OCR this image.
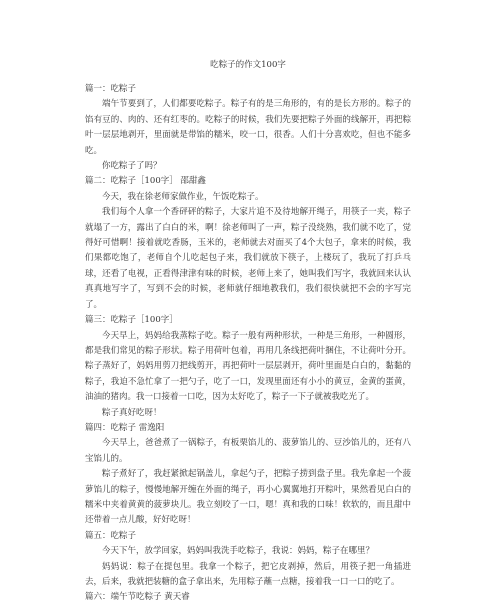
吃粽子的作文100字

篇一：吃粽子

端午节要到了，人们都要吃粽子。粽子有的是三角形的，有的是长方形的。粽子的馅有豆的、肉的、还有红枣的。吃粽子的时候，我们先要把粽子外面的线解开，再把粽叶一层层地剥开，里面就是带馅的糯米，咬一口，很香。人们十分喜欢吃，但也不能多吃。

你吃粽子了吗？

篇二：吃粽子［100字］ 邵甜鑫

今天，我在徐老师家做作业，午饭吃粽子。

我们每个人拿一个香砰砰的粽子，大家片追不及待地解开绳子，用筷子一夹，粽子就塌了一方，露出了白白的米，啊！徐老师叫了一声，粽子没绕熟，我们就不吃了，觉得好可惜啊！接着就吃香肠，玉米的，老师就去对面买了4个大包子，拿来的时候，我们果都吃饱了，老师自个儿吃起包子来，我们就放下筷子，上楼玩了，我玩了打乒乓球，还看了电视，正看得津津有味的时候，老师上来了，她叫我们写字，我就回来认认真真地写字了，写到不会的时候，老师就仔细地教我们，我们很快就把不会的字写完了。

篇三：吃粽子［100字］

今天早上，妈妈给我蒸粽子吃。粽子一般有两种形状，一种是三角形，一种圆形，都是我们常见的粽子形状。粽子用荷叶包着，再用几条线把荷叶捆住，不让荷叶分开。粽子蒸好了，妈妈用剪刀把线剪开，再把荷叶一层层剥开，荷叶里面是白白的，黏黏的粽子，我迫不急忙拿了一把勺子，吃了一口，发现里面还有小小的黄豆，金黄的蛋黄，油油的猪肉。我一口接着一口吃，因为太好吃了，粽子一下子就被我吃光了。

粽子真好吃呀！

篇四：吃粽子 雷逸阳

今天早上，爸爸煮了一锅粽子，有板栗馅儿的、菠萝馅儿的、豆沙馅儿的，还有八宝馅儿的。

粽子煮好了，我赶紧掀起锅盖儿，拿起勺子，把粽子捞到盘子里。我先拿起一个菠萝馅儿的粽子，慢慢地解开缠在外面的绳子，再小心翼翼地打开粽叶，果然看见白白的糯米中夹着黄黄的菠萝块儿。我立刻咬了一口，嗯！真和我的口味！软软的，而且甜中还带着一点儿酸，好好吃呀！

篇五：吃粽子

今天下午，放学回家，妈妈叫我洗手吃粽子，我说：妈妈，粽子在哪里？

妈妈说：粽子在提包里。我拿一个粽子，把它皮剥掉，然后，用筷子把一角插进去，后来，我就把装糖的盒子拿出来，先用粽子蘸一点糖，接着我一口一口的吃了。

篇六：端午节吃粽子 黄天睿
